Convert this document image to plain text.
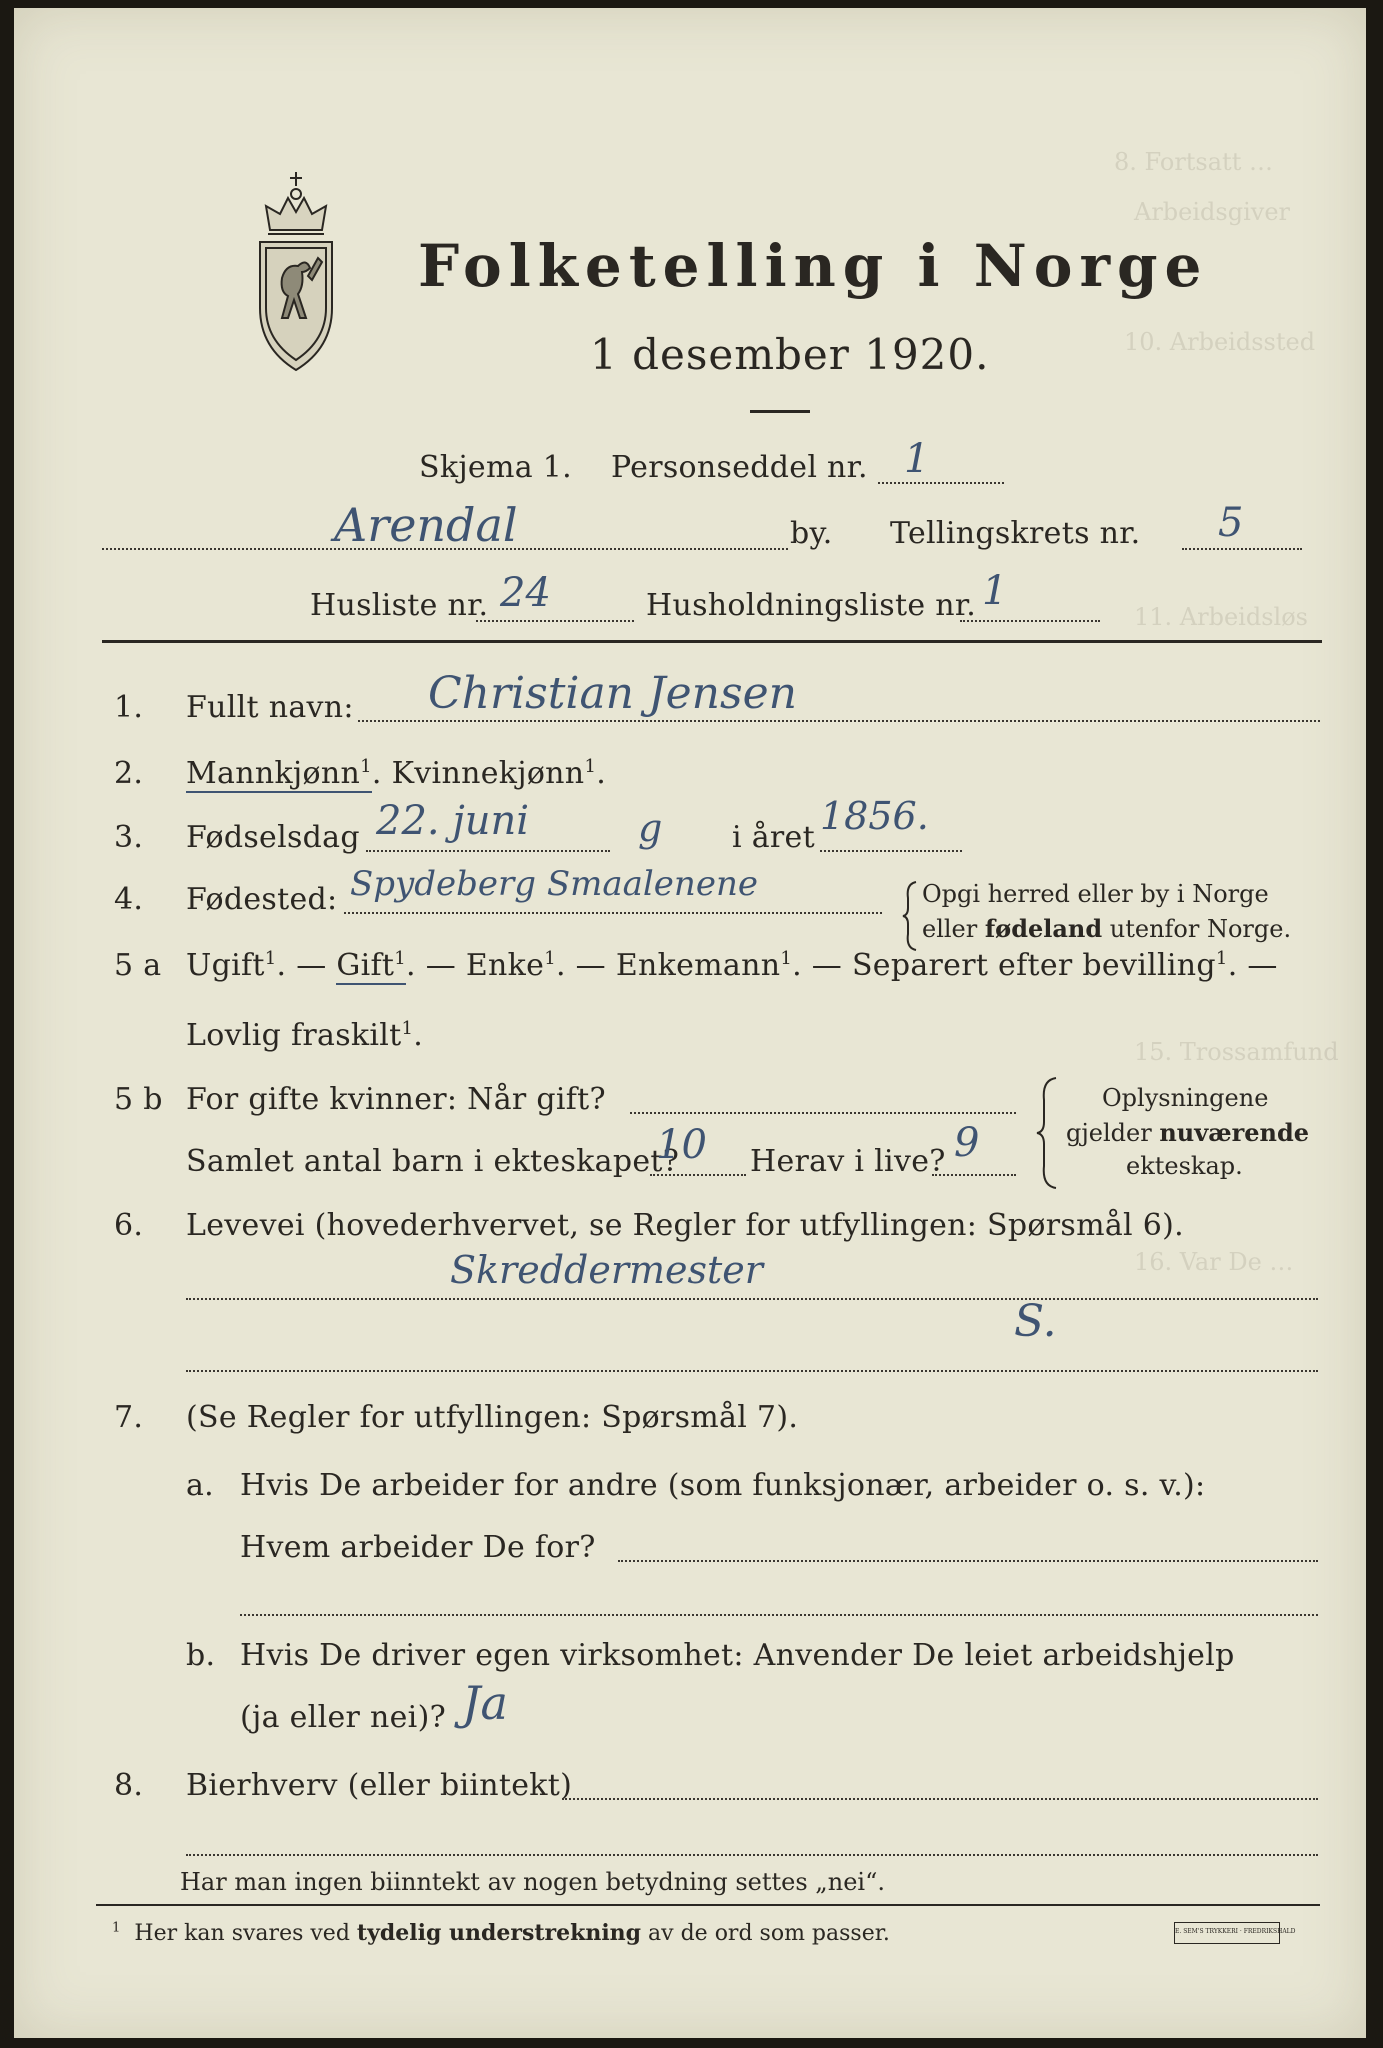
8. Fortsatt …
Arbeidsgiver
10. Arbeidssted
11. Arbeidsløs
15. Trossamfund
16. Var De …
Folketelling i Norge
1 desember 1920.
Skjema 1. Personseddel nr. 1
Arendal	by. Tellingskrets nr. 5
Husliste nr. 24	Husholdningsliste nr. 1
1. Fullt navn: Christian Jensen
2. Mannkjønn$^1$. Kvinnekjønn$^1$.
3. Fødselsdag 22. juni	g i året 1856.
4. Fødested: Spydeberg Smaalenene	Opgi herred eller by i Norge
eller fødeland utenfor Norge.
5 a Ugift$^1$. — Gift$^1$. — Enke$^1$. — Enkemann$^1$. — Separert efter bevilling$^1$. —
Lovlig fraskilt$^1$.
5 b For gifte kvinner: Når gift?
Samlet antal barn i ekteskapet?
10 Herav i live? 9
Oplysningene
gjelder nuværende
ekteskap.
6. Levevei (hovederhvervet, se Regler for utfyllingen: Spørsmål 6).
Skreddermester
S.
7. (Se Regler for utfyllingen: Spørsmål 7).
a. Hvis De arbeider for andre (som funksjonær, arbeider o. s. v.):
Hvem arbeider De for?
b. Hvis De driver egen virksomhet: Anvender De leiet arbeidshjelp
(ja eller nei)? Ja
8. Bierhverv (eller biintekt)
Har man ingen biinntekt av nogen betydning settes „nei“.
$^1$ Her kan svares ved tydelig understrekning av de ord som passer.	E. SEM'S TRYKKERI · FREDRIKSHALD
